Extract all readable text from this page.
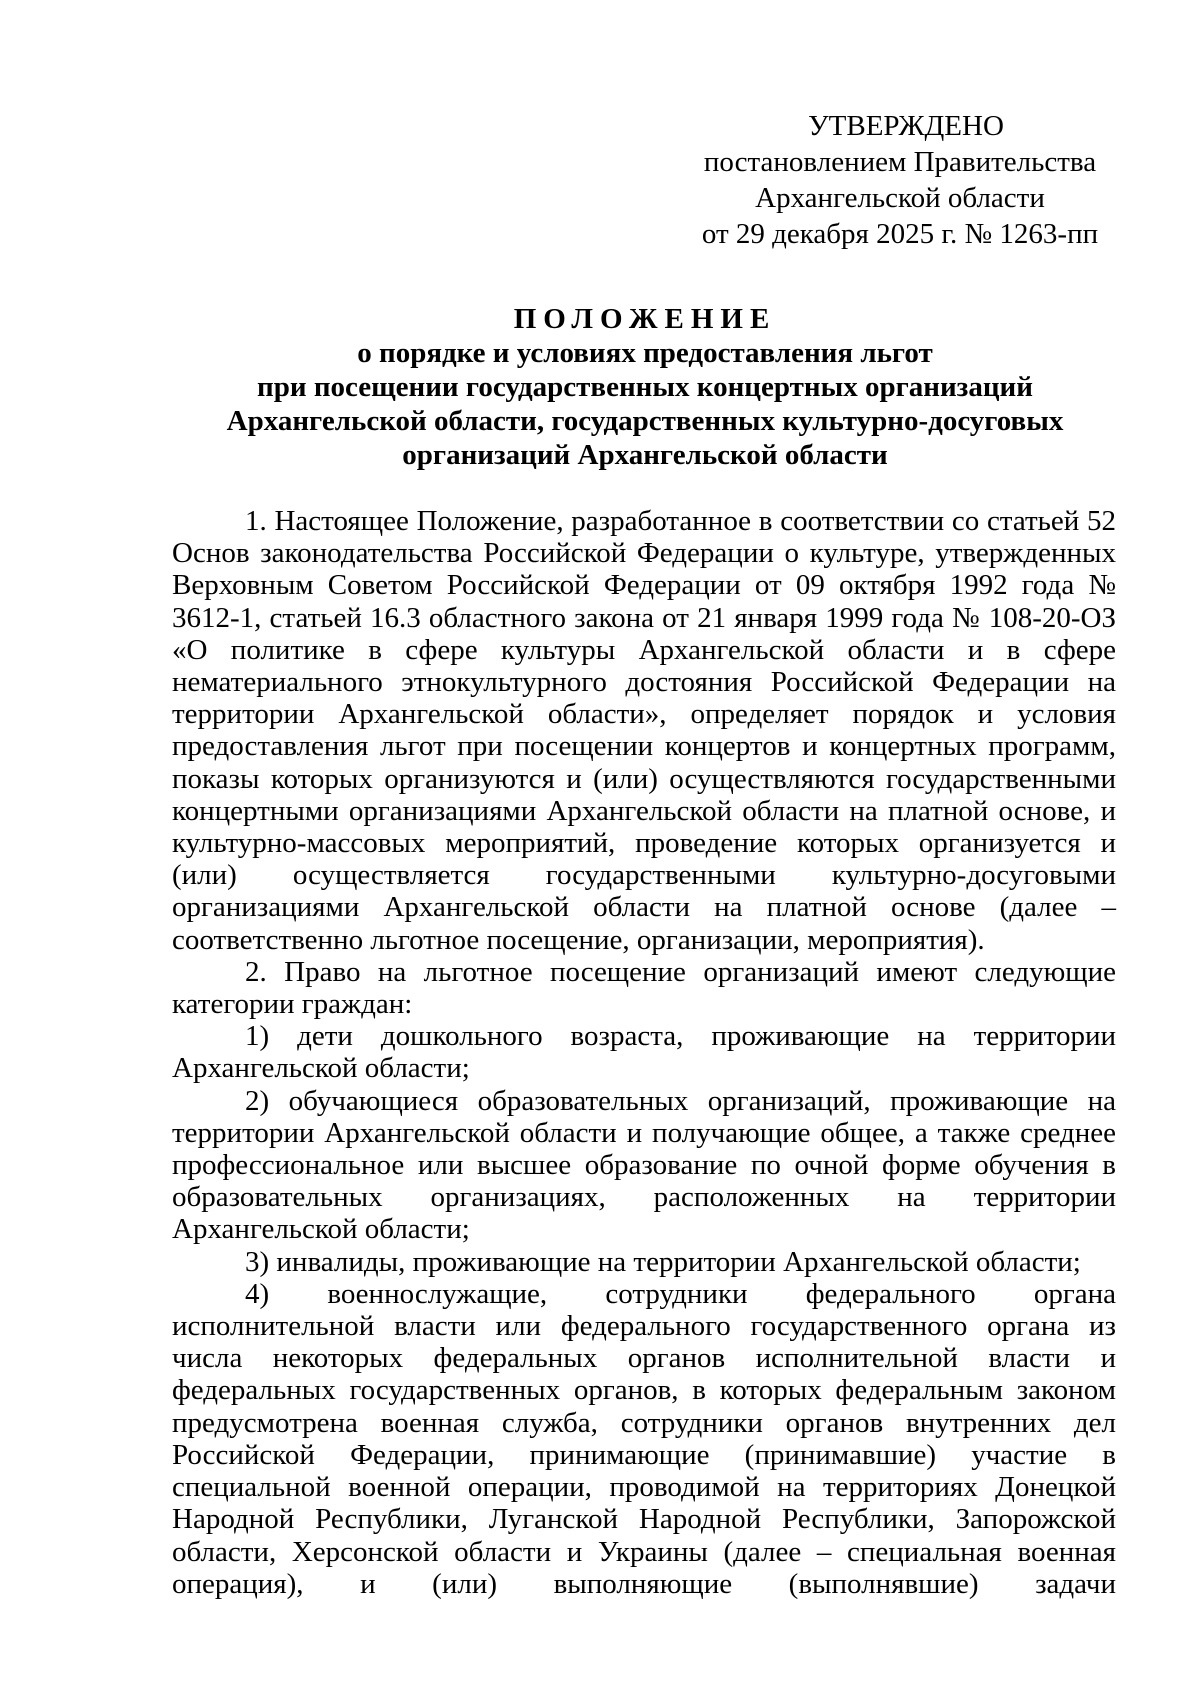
УТВЕРЖДЕНО
постановлением Правительства
Архангельской области
от 29 декабря 2025 г. № 1263-пп
ПОЛОЖЕНИЕ
о порядке и условиях предоставления льгот
при посещении государственных концертных организаций
Архангельской области, государственных культурно-досуговых
организаций Архангельской области

1. Настоящее Положение, разработанное в соответствии со статьей 52 Основ законодательства Российской Федерации о культуре, утвержденных Верховным Советом Российской Федерации от 09 октября 1992 года № 3612-1, статьей 16.3 областного закона от 21 января 1999 года № 108-20-ОЗ «О политике в сфере культуры Архангельской области и в сфере нематериального этнокультурного достояния Российской Федерации на территории Архангельской области», определяет порядок и условия предоставления льгот при посещении концертов и концертных программ, показы которых организуются и (или) осуществляются государственными концертными организациями Архангельской области на платной основе, и культурно-массовых мероприятий, проведение которых организуется и (или) осуществляется государственными культурно-досуговыми организациями Архангельской области на платной основе (далее – соответственно льготное посещение, организации, мероприятия).

2. Право на льготное посещение организаций имеют следующие категории граждан:

1) дети дошкольного возраста, проживающие на территории Архангельской области;

2) обучающиеся образовательных организаций, проживающие на территории Архангельской области и получающие общее, а также среднее профессиональное или высшее образование по очной форме обучения в образовательных организациях, расположенных на территории Архангельской области;

3) инвалиды, проживающие на территории Архангельской области;

4) военнослужащие, сотрудники федерального органа исполнительной власти или федерального государственного органа из числа некоторых федеральных органов исполнительной власти и федеральных государственных органов, в которых федеральным законом предусмотрена военная служба, сотрудники органов внутренних дел Российской Федерации, принимающие (принимавшие) участие в специальной военной операции, проводимой на территориях Донецкой Народной Республики, Луганской Народной Республики, Запорожской области, Херсонской области и Украины (далее – специальная военная операция), и (или) выполняющие (выполнявшие) задачи
